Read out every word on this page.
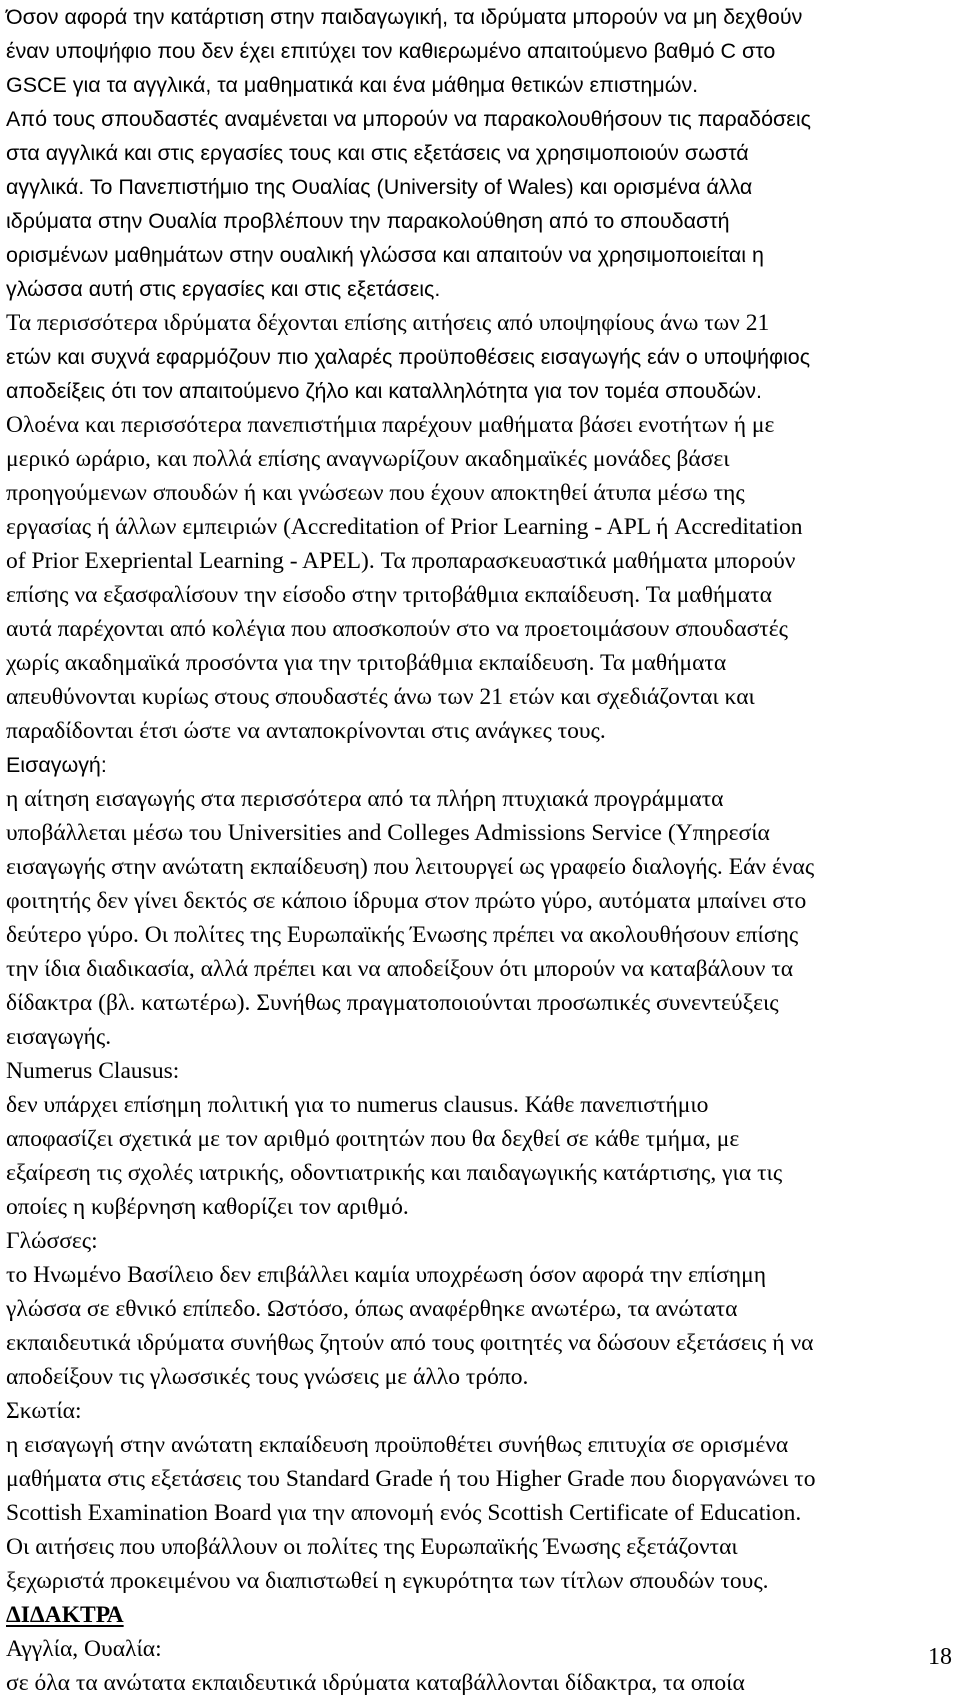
Όσον αφορά την κατάρτιση στην παιδαγωγική, τα ιδρύματα μπορούν να μη δεχθούν
έναν υποψήφιο που δεν έχει επιτύχει τον καθιερωμένο απαιτούμενο βαθμό C στο
GSCE για τα αγγλικά, τα μαθηματικά και ένα μάθημα θετικών επιστημών.
Από τους σπουδαστές αναμένεται να μπορούν να παρακολουθήσουν τις παραδόσεις
στα αγγλικά και στις εργασίες τους και στις εξετάσεις να χρησιμοποιούν σωστά
αγγλικά. Το Πανεπιστήμιο της Ουαλίας (University of Wales) και ορισμένα άλλα
ιδρύματα στην Ουαλία προβλέπουν την παρακολούθηση από το σπουδαστή
ορισμένων μαθημάτων στην ουαλική γλώσσα και απαιτούν να χρησιμοποιείται η
γλώσσα αυτή στις εργασίες και στις εξετάσεις.
Τα περισσότερα ιδρύματα δέχονται επίσης αιτήσεις από υποψηφίους άνω των 21
ετών και συχνά εφαρμόζουν πιο χαλαρές προϋποθέσεις εισαγωγής εάν ο υποψήφιος
αποδείξεις ότι τον απαιτούμενο ζήλο και καταλληλότητα για τον τομέα σπουδών.
Ολοένα και περισσότερα πανεπιστήμια παρέχουν μαθήματα βάσει ενοτήτων ή με
μερικό ωράριο, και πολλά επίσης αναγνωρίζουν ακαδημαϊκές μονάδες βάσει
προηγούμενων σπουδών ή και γνώσεων που έχουν αποκτηθεί άτυπα μέσω της
εργασίας ή άλλων εμπειριών (Accreditation of Prior Learning - APL ή Accreditation
of Prior Exepriental Learning - APEL). Τα προπαρασκευαστικά μαθήματα μπορούν
επίσης να εξασφαλίσουν την είσοδο στην τριτοβάθμια εκπαίδευση. Τα μαθήματα
αυτά παρέχονται από κολέγια που αποσκοπούν στο να προετοιμάσουν σπουδαστές
χωρίς ακαδημαϊκά προσόντα για την τριτοβάθμια εκπαίδευση. Τα μαθήματα
απευθύνονται κυρίως στους σπουδαστές άνω των 21 ετών και σχεδιάζονται και
παραδίδονται έτσι ώστε να ανταποκρίνονται στις ανάγκες τους.
Εισαγωγή:
η αίτηση εισαγωγής στα περισσότερα από τα πλήρη πτυχιακά προγράμματα
υποβάλλεται μέσω του Universities and Colleges Admissions Service (Υπηρεσία
εισαγωγής στην ανώτατη εκπαίδευση) που λειτουργεί ως γραφείο διαλογής. Εάν ένας
φοιτητής δεν γίνει δεκτός σε κάποιο ίδρυμα στον πρώτο γύρο, αυτόματα μπαίνει στο
δεύτερο γύρο. Οι πολίτες της Ευρωπαϊκής Ένωσης πρέπει να ακολουθήσουν επίσης
την ίδια διαδικασία, αλλά πρέπει και να αποδείξουν ότι μπορούν να καταβάλουν τα
δίδακτρα (βλ. κατωτέρω). Συνήθως πραγματοποιούνται προσωπικές συνεντεύξεις
εισαγωγής.
Numerus Clausus:
δεν υπάρχει επίσημη πολιτική για το numerus clausus. Κάθε πανεπιστήμιο
αποφασίζει σχετικά με τον αριθμό φοιτητών που θα δεχθεί σε κάθε τμήμα, με
εξαίρεση τις σχολές ιατρικής, οδοντιατρικής και παιδαγωγικής κατάρτισης, για τις
οποίες η κυβέρνηση καθορίζει τον αριθμό.
Γλώσσες:
το Ηνωμένο Βασίλειο δεν επιβάλλει καμία υποχρέωση όσον αφορά την επίσημη
γλώσσα σε εθνικό επίπεδο. Ωστόσο, όπως αναφέρθηκε ανωτέρω, τα ανώτατα
εκπαιδευτικά ιδρύματα συνήθως ζητούν από τους φοιτητές να δώσουν εξετάσεις ή να
αποδείξουν τις γλωσσικές τους γνώσεις με άλλο τρόπο.
Σκωτία:
η εισαγωγή στην ανώτατη εκπαίδευση προϋποθέτει συνήθως επιτυχία σε ορισμένα
μαθήματα στις εξετάσεις του Standard Grade ή του Higher Grade που διοργανώνει το
Scottish Examination Board για την απονομή ενός Scottish Certificate of Education.
Οι αιτήσεις που υποβάλλουν οι πολίτες της Ευρωπαϊκής Ένωσης εξετάζονται
ξεχωριστά προκειμένου να διαπιστωθεί η εγκυρότητα των τίτλων σπουδών τους.
ΔΙΔΑΚΤΡΑ
Αγγλία, Ουαλία:
σε όλα τα ανώτατα εκπαιδευτικά ιδρύματα καταβάλλονται δίδακτρα, τα οποία
18
